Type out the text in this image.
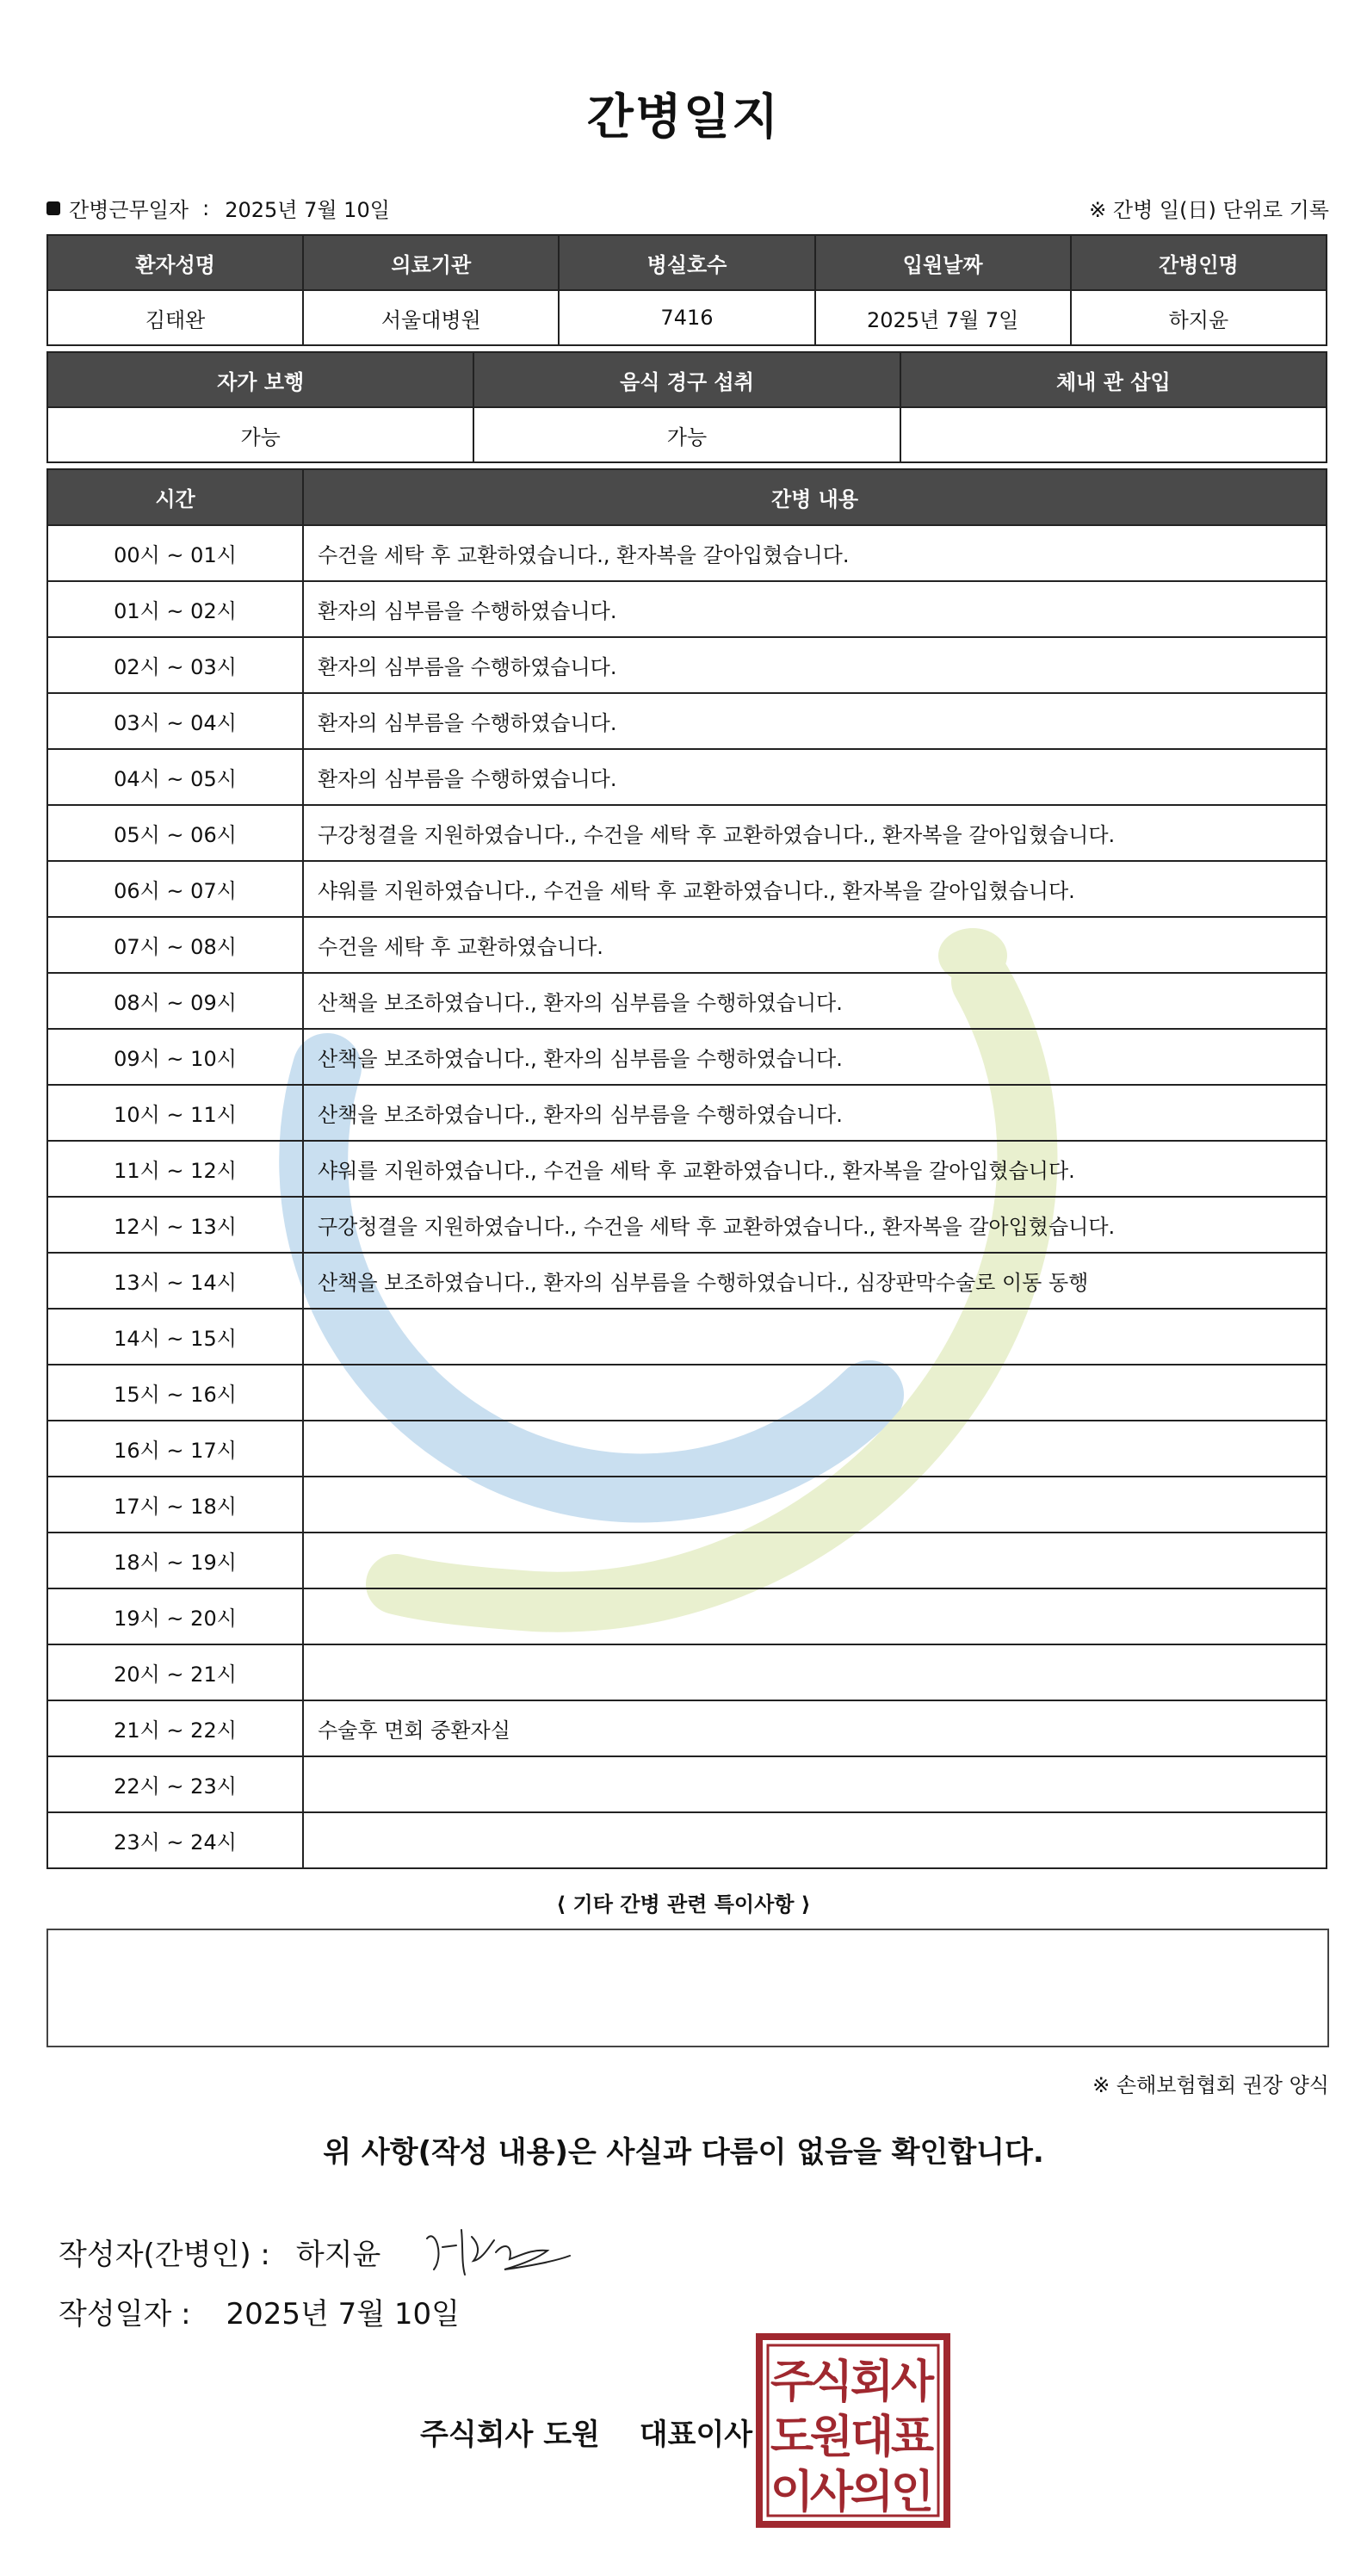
간병일지
간병근무일자 : 2025년 7월 10일	※ 간병 일(日) 단위로 기록
환자성명	의료기관	병실호수	입원날짜	간병인명
김태완	서울대병원	7416	2025년 7월 7일	하지윤
자가 보행	음식 경구 섭취	체내 관 삽입
가능	가능	
시간	간병 내용
00시 ~ 01시	수건을 세탁 후 교환하였습니다., 환자복을 갈아입혔습니다.
01시 ~ 02시	환자의 심부름을 수행하였습니다.
02시 ~ 03시	환자의 심부름을 수행하였습니다.
03시 ~ 04시	환자의 심부름을 수행하였습니다.
04시 ~ 05시	환자의 심부름을 수행하였습니다.
05시 ~ 06시	구강청결을 지원하였습니다., 수건을 세탁 후 교환하였습니다., 환자복을 갈아입혔습니다.
06시 ~ 07시	샤워를 지원하였습니다., 수건을 세탁 후 교환하였습니다., 환자복을 갈아입혔습니다.
07시 ~ 08시	수건을 세탁 후 교환하였습니다.
08시 ~ 09시	산책을 보조하였습니다., 환자의 심부름을 수행하였습니다.
09시 ~ 10시	산책을 보조하였습니다., 환자의 심부름을 수행하였습니다.
10시 ~ 11시	산책을 보조하였습니다., 환자의 심부름을 수행하였습니다.
11시 ~ 12시	샤워를 지원하였습니다., 수건을 세탁 후 교환하였습니다., 환자복을 갈아입혔습니다.
12시 ~ 13시	구강청결을 지원하였습니다., 수건을 세탁 후 교환하였습니다., 환자복을 갈아입혔습니다.
13시 ~ 14시	산책을 보조하였습니다., 환자의 심부름을 수행하였습니다., 심장판막수술로 이동 동행
14시 ~ 15시	
15시 ~ 16시	
16시 ~ 17시	
17시 ~ 18시	
18시 ~ 19시	
19시 ~ 20시	
20시 ~ 21시	
21시 ~ 22시	수술후 면회 중환자실
22시 ~ 23시	
23시 ~ 24시	
⟨ 기타 간병 관련 특이사항 ⟩
※ 손해보험협회 권장 양식
위 사항(작성 내용)은 사실과 다름이 없음을 확인합니다.
작성자(간병인) : 하지윤
작성일자 : 2025년 7월 10일
주식회사 도원 대표이사
주
식
회
사
도
원
대
표
이
사
의
인
